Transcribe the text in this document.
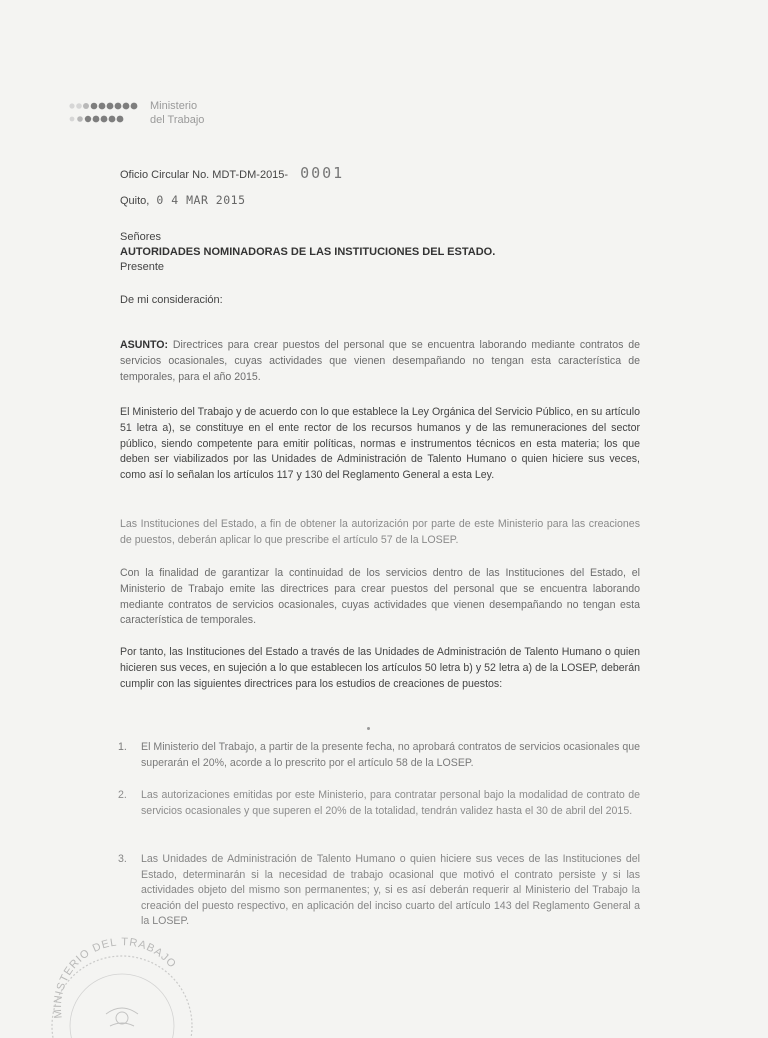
Ministerio
del Trabajo
Oficio Circular No. MDT-DM-2015- 0001
Quito, 0 4 MAR 2015
Señores
AUTORIDADES NOMINADORAS DE LAS INSTITUCIONES DEL ESTADO.
Presente
De mi consideración:
ASUNTO: Directrices para crear puestos del personal que se encuentra laborando mediante contratos de servicios ocasionales, cuyas actividades que vienen desempañando no tengan esta característica de temporales, para el año 2015.
El Ministerio del Trabajo y de acuerdo con lo que establece la Ley Orgánica del Servicio Público, en su artículo 51 letra a), se constituye en el ente rector de los recursos humanos y de las remuneraciones del sector público, siendo competente para emitir políticas, normas e instrumentos técnicos en esta materia; los que deben ser viabilizados por las Unidades de Administración de Talento Humano o quien hiciere sus veces, como así lo señalan los artículos 117 y 130 del Reglamento General a esta Ley.
Las Instituciones del Estado, a fin de obtener la autorización por parte de este Ministerio para las creaciones de puestos, deberán aplicar lo que prescribe el artículo 57 de la LOSEP.
Con la finalidad de garantizar la continuidad de los servicios dentro de las Instituciones del Estado, el Ministerio de Trabajo emite las directrices para crear puestos del personal que se encuentra laborando mediante contratos de servicios ocasionales, cuyas actividades que vienen desempañando no tengan esta característica de temporales.
Por tanto, las Instituciones del Estado a través de las Unidades de Administración de Talento Humano o quien hicieren sus veces, en sujeción a lo que establecen los artículos 50 letra b) y 52 letra a) de la LOSEP, deberán cumplir con las siguientes directrices para los estudios de creaciones de puestos:
1.	El Ministerio del Trabajo, a partir de la presente fecha, no aprobará contratos de servicios ocasionales que superarán el 20%, acorde a lo prescrito por el artículo 58 de la LOSEP.
2.	Las autorizaciones emitidas por este Ministerio, para contratar personal bajo la modalidad de contrato de servicios ocasionales y que superen el 20% de la totalidad, tendrán validez hasta el 30 de abril del 2015.
3.	Las Unidades de Administración de Talento Humano o quien hiciere sus veces de las Instituciones del Estado, determinarán si la necesidad de trabajo ocasional que motivó el contrato persiste y si las actividades objeto del mismo son permanentes; y, si es así deberán requerir al Ministerio del Trabajo la creación del puesto respectivo, en aplicación del inciso cuarto del artículo 143 del Reglamento General a la LOSEP.
MINISTERIO DEL TRABAJO
